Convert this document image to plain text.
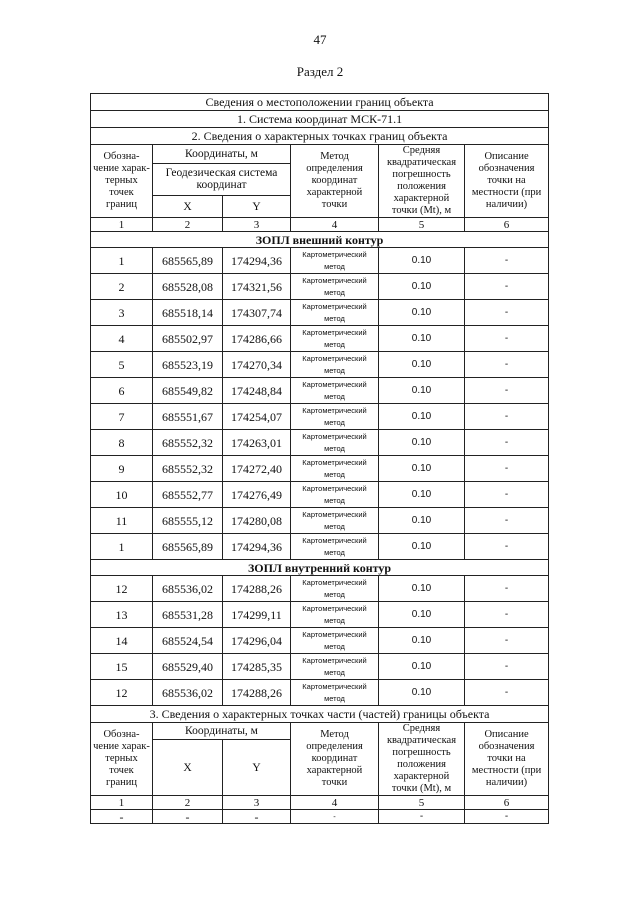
47
Раздел 2
Сведения о местоположении границ объекта					
1. Система координат МСК-71.1					
2. Сведения о характерных точках границ объекта					
Обозна-чение харак-терных точек границ	Координаты, м		Метод определения координат характерной точки	Средняя квадратическая погрешность положения характерной точки (Mt), м	Описание обозначения точки на местности (при наличии)
	Геодезическая система координат				
	X	Y			
1	2	3	4	5	6
ЗОПЛ внешний контур					
1	685565,89	174294,36	Картометрический метод	0.10	-
2	685528,08	174321,56	Картометрический метод	0.10	-
3	685518,14	174307,74	Картометрический метод	0.10	-
4	685502,97	174286,66	Картометрический метод	0.10	-
5	685523,19	174270,34	Картометрический метод	0.10	-
6	685549,82	174248,84	Картометрический метод	0.10	-
7	685551,67	174254,07	Картометрический метод	0.10	-
8	685552,32	174263,01	Картометрический метод	0.10	-
9	685552,32	174272,40	Картометрический метод	0.10	-
10	685552,77	174276,49	Картометрический метод	0.10	-
11	685555,12	174280,08	Картометрический метод	0.10	-
1	685565,89	174294,36	Картометрический метод	0.10	-
ЗОПЛ внутренний контур					
12	685536,02	174288,26	Картометрический метод	0.10	-
13	685531,28	174299,11	Картометрический метод	0.10	-
14	685524,54	174296,04	Картометрический метод	0.10	-
15	685529,40	174285,35	Картометрический метод	0.10	-
12	685536,02	174288,26	Картометрический метод	0.10	-
3. Сведения о характерных точках части (частей) границы объекта					
Обозна-чение харак-терных точек границ	Координаты, м		Метод определения координат характерной точки	Средняя квадратическая погрешность положения характерной точки (Mt), м	Описание обозначения точки на местности (при наличии)
	X	Y			
1	2	3	4	5	6
-	-	-	-	-	-
